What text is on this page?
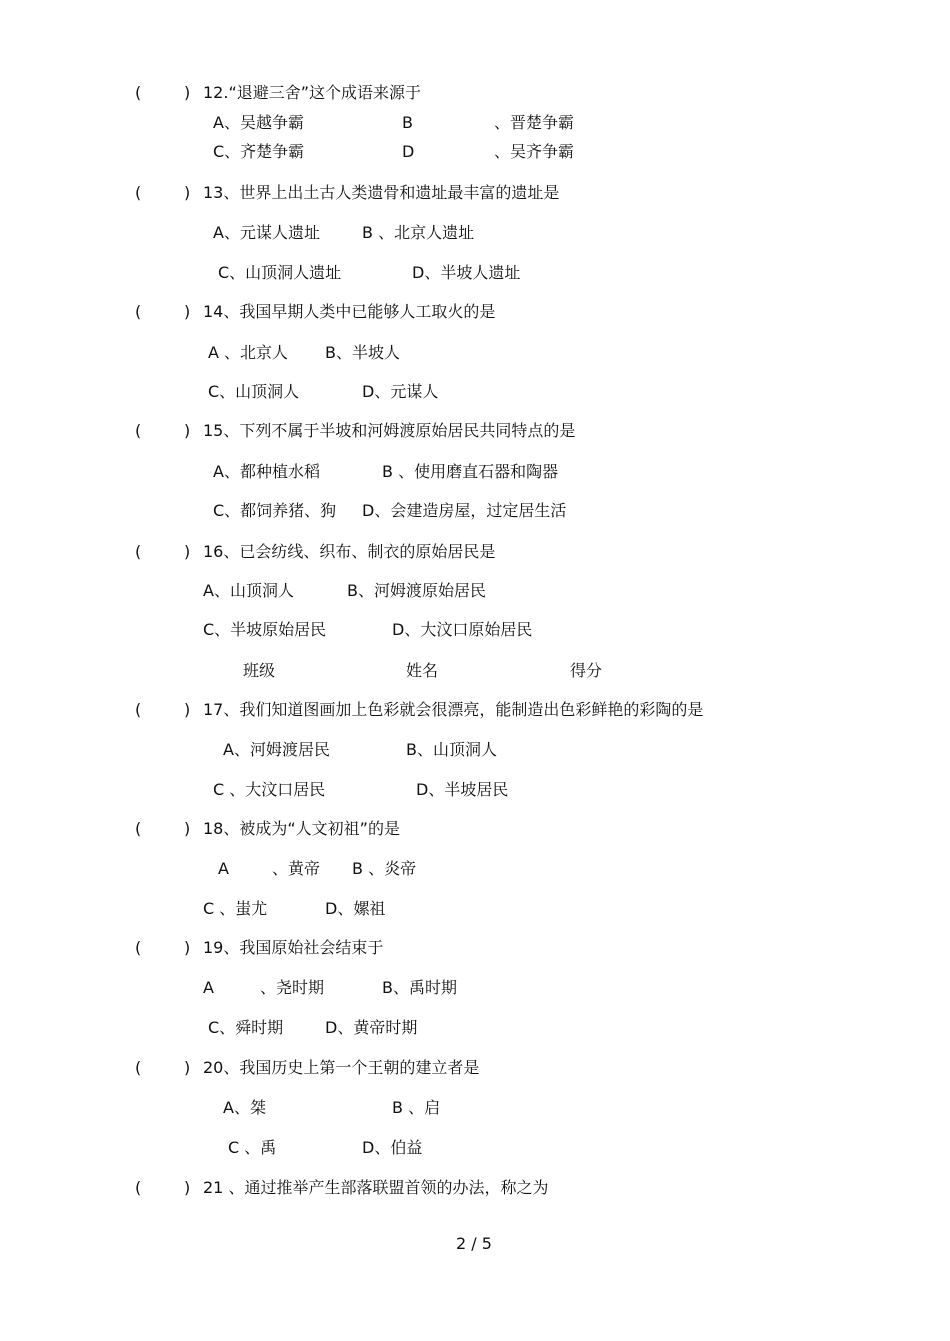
(	) 12.“退避三舍”这个成语来源于
A、吴越争霸	B	、晋楚争霸
C、齐楚争霸	D	、吴齐争霸
(	) 13、世界上出土古人类遗骨和遗址最丰富的遗址是
A、元谋人遗址	B 、北京人遗址
C、山顶洞人遗址	D、半坡人遗址
(	) 14、我国早期人类中已能够人工取火的是
A 、北京人 B、半坡人
C、山顶洞人	D、元谋人
(	) 15、下列不属于半坡和河姆渡原始居民共同特点的是
A、都种植水稻	B 、使用磨直石器和陶器
C、都饲养猪、狗 D、会建造房屋，过定居生活
(	) 16、已会纺线、织布、制衣的原始居民是
A、山顶洞人	B、河姆渡原始居民
C、半坡原始居民	D、大汶口原始居民
班级	姓名	得分
(	) 17、我们知道图画加上色彩就会很漂亮，能制造出色彩鲜艳的彩陶的是
A、河姆渡居民	B、山顶洞人
C 、大汶口居民	D、半坡居民
(	) 18、被成为“人文初祖”的是
A	、黄帝 B 、炎帝
C 、蚩尤	D、嫘祖
(	) 19、我国原始社会结束于
A	、尧时期	B、禹时期
C、舜时期	D、黄帝时期
(	) 20、我国历史上第一个王朝的建立者是
A、桀	B 、启
C 、禹	D、伯益
(	) 21 、通过推举产生部落联盟首领的办法，称之为
2 / 5
